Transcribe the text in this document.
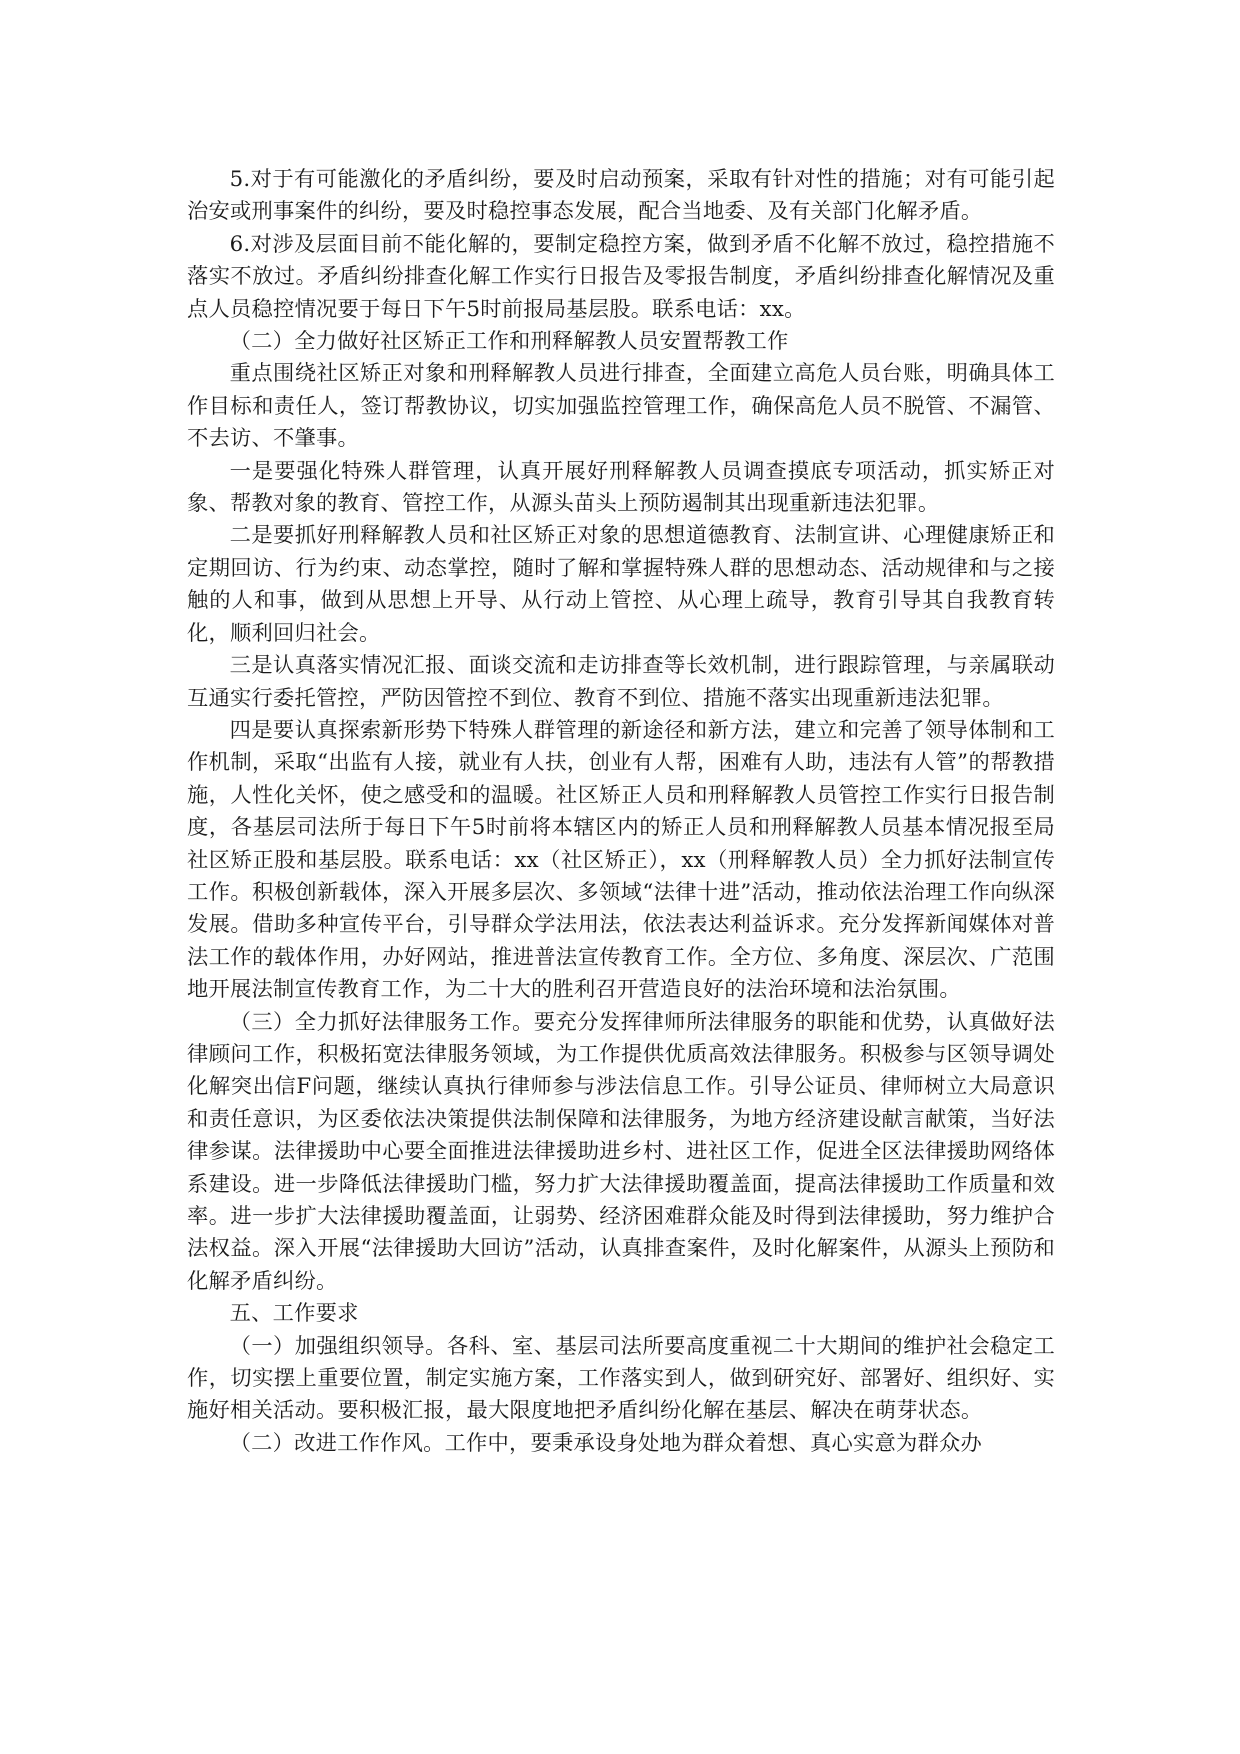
5.对于有可能激化的矛盾纠纷，要及时启动预案，采取有针对性的措施；对有可能引起治安或刑事案件的纠纷，要及时稳控事态发展，配合当地委、及有关部门化解矛盾。

6.对涉及层面目前不能化解的，要制定稳控方案，做到矛盾不化解不放过，稳控措施不落实不放过。矛盾纠纷排查化解工作实行日报告及零报告制度，矛盾纠纷排查化解情况及重点人员稳控情况要于每日下午5时前报局基层股。联系电话：xx。

（二）全力做好社区矫正工作和刑释解教人员安置帮教工作

重点围绕社区矫正对象和刑释解教人员进行排查，全面建立高危人员台账，明确具体工作目标和责任人，签订帮教协议，切实加强监控管理工作，确保高危人员不脱管、不漏管、不去访、不肇事。

一是要强化特殊人群管理，认真开展好刑释解教人员调查摸底专项活动，抓实矫正对象、帮教对象的教育、管控工作，从源头苗头上预防遏制其出现重新违法犯罪。

二是要抓好刑释解教人员和社区矫正对象的思想道德教育、法制宣讲、心理健康矫正和定期回访、行为约束、动态掌控，随时了解和掌握特殊人群的思想动态、活动规律和与之接触的人和事，做到从思想上开导、从行动上管控、从心理上疏导，教育引导其自我教育转化，顺利回归社会。

三是认真落实情况汇报、面谈交流和走访排查等长效机制，进行跟踪管理，与亲属联动互通实行委托管控，严防因管控不到位、教育不到位、措施不落实出现重新违法犯罪。

四是要认真探索新形势下特殊人群管理的新途径和新方法，建立和完善了领导体制和工作机制，采取“出监有人接，就业有人扶，创业有人帮，困难有人助，违法有人管”的帮教措施，人性化关怀，使之感受和的温暖。社区矫正人员和刑释解教人员管控工作实行日报告制度，各基层司法所于每日下午5时前将本辖区内的矫正人员和刑释解教人员基本情况报至局社区矫正股和基层股。联系电话：xx（社区矫正），xx（刑释解教人员）全力抓好法制宣传工作。积极创新载体，深入开展多层次、多领域“法律十进”活动，推动依法治理工作向纵深发展。借助多种宣传平台，引导群众学法用法，依法表达利益诉求。充分发挥新闻媒体对普法工作的载体作用，办好网站，推进普法宣传教育工作。全方位、多角度、深层次、广范围地开展法制宣传教育工作，为二十大的胜利召开营造良好的法治环境和法治氛围。

（三）全力抓好法律服务工作。要充分发挥律师所法律服务的职能和优势，认真做好法律顾问工作，积极拓宽法律服务领域，为工作提供优质高效法律服务。积极参与区领导调处化解突出信F问题，继续认真执行律师参与涉法信息工作。引导公证员、律师树立大局意识和责任意识，为区委依法决策提供法制保障和法律服务，为地方经济建设献言献策，当好法律参谋。法律援助中心要全面推进法律援助进乡村、进社区工作，促进全区法律援助网络体系建设。进一步降低法律援助门槛，努力扩大法律援助覆盖面，提高法律援助工作质量和效率。进一步扩大法律援助覆盖面，让弱势、经济困难群众能及时得到法律援助，努力维护合法权益。深入开展“法律援助大回访”活动，认真排查案件，及时化解案件，从源头上预防和化解矛盾纠纷。

五、工作要求

（一）加强组织领导。各科、室、基层司法所要高度重视二十大期间的维护社会稳定工作，切实摆上重要位置，制定实施方案，工作落实到人，做到研究好、部署好、组织好、实施好相关活动。要积极汇报，最大限度地把矛盾纠纷化解在基层、解决在萌芽状态。

（二）改进工作作风。工作中，要秉承设身处地为群众着想、真心实意为群众办
